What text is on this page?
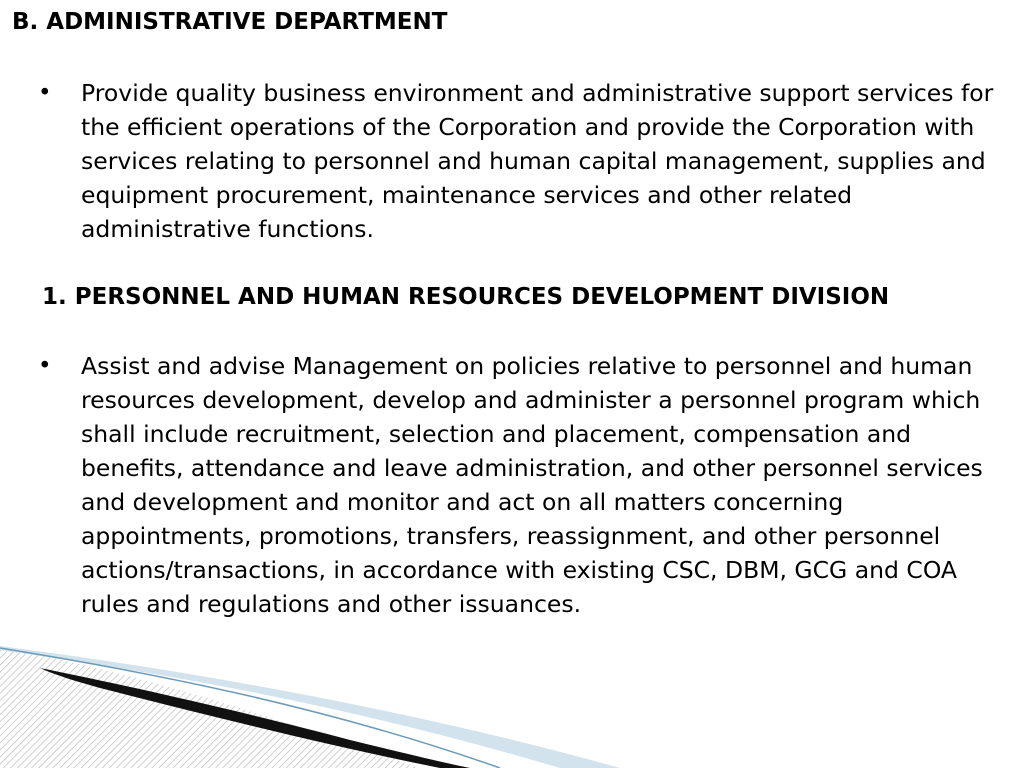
B. ADMINISTRATIVE DEPARTMENT
•	Provide quality business environment and administrative support services for the efficient operations of the Corporation and provide the Corporation with services relating to personnel and human capital management, supplies and equipment procurement, maintenance services and other related administrative functions.

1. PERSONNEL AND HUMAN RESOURCES DEVELOPMENT DIVISION
•	Assist and advise Management on policies relative to personnel and human resources development, develop and administer a personnel program which shall include recruitment, selection and placement, compensation and benefits, attendance and leave administration, and other personnel services and development and monitor and act on all matters concerning appointments, promotions, transfers, reassignment, and other personnel actions/transactions, in accordance with existing CSC, DBM, GCG and COA rules and regulations and other issuances.
